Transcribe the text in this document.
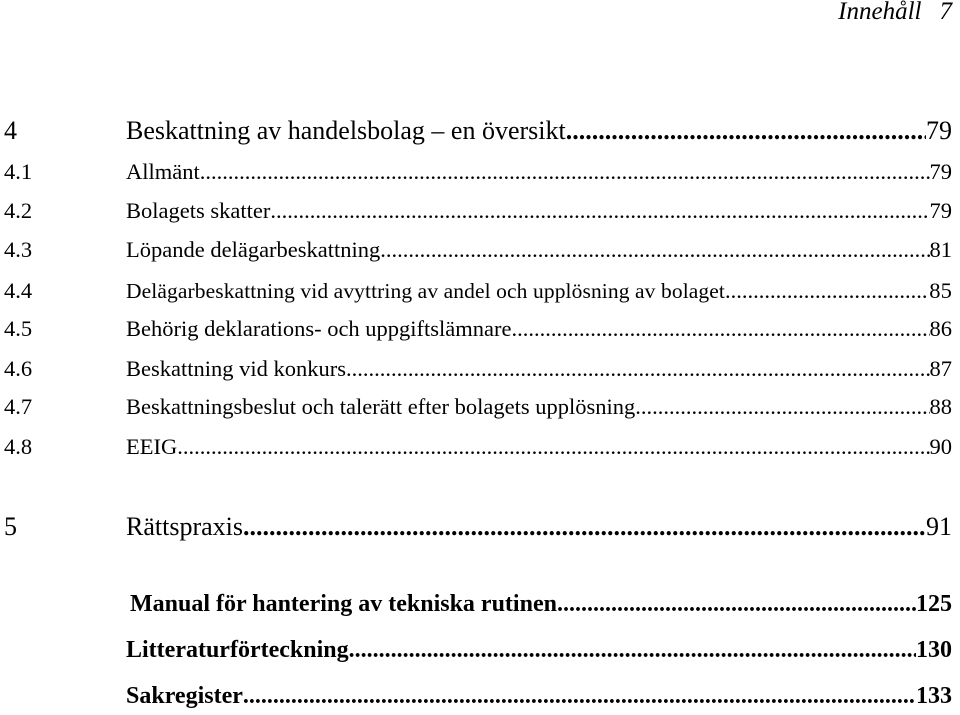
Innehåll 7
4	Beskattning av handelsbolag – en översikt .....	79
4.1	Allmänt .....	79
4.2	Bolagets skatter .....	79
4.3	Löpande delägarbeskattning .....	81
4.4	Delägarbeskattning vid avyttring av andel och upplösning av bolaget .....	85
4.5	Behörig deklarations- och uppgiftslämnare .....	86
4.6	Beskattning vid konkurs .....	87
4.7	Beskattningsbeslut och talerätt efter bolagets upplösning .....	88
4.8	EEIG .....	90
5	Rättspraxis .....	91
Manual för hantering av tekniska rutinen .....	125
Litteraturförteckning .....	130
Sakregister .....	133
